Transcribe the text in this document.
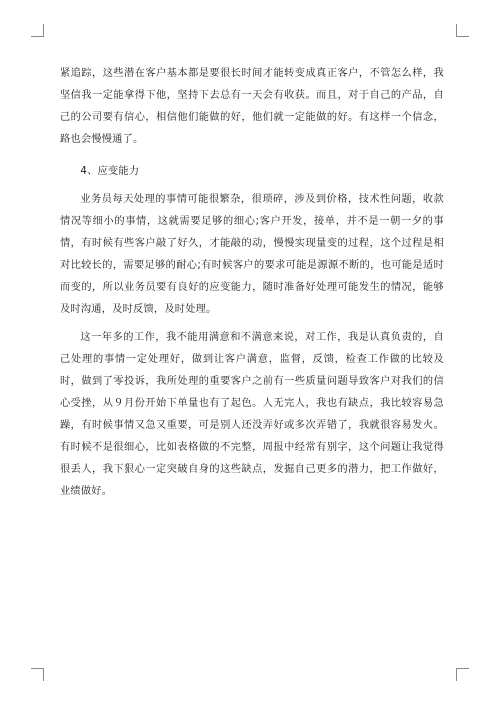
紧追踪，这些潜在客户基本都是要很长时间才能转变成真正客户，不管怎么样，我坚信我一定能拿得下他，坚持下去总有一天会有收获。而且，对于自己的产品，自己的公司要有信心，相信他们能做的好，他们就一定能做的好。有这样一个信念，路也会慢慢通了。

4、应变能力

业务员每天处理的事情可能很繁杂，很琐碎，涉及到价格，技术性问题，收款情况等细小的事情，这就需要足够的细心;客户开发，接单，并不是一朝一夕的事情，有时候有些客户敲了好久，才能敲的动，慢慢实现量变的过程，这个过程是相对比较长的，需要足够的耐心;有时候客户的要求可能是源源不断的，也可能是适时而变的，所以业务员要有良好的应变能力，随时准备好处理可能发生的情况，能够及时沟通，及时反馈，及时处理。

这一年多的工作，我不能用满意和不满意来说，对工作，我是认真负责的，自己处理的事情一定处理好，做到让客户满意，监督，反馈，检查工作做的比较及时，做到了零投诉，我所处理的重要客户之前有一些质量问题导致客户对我们的信心受挫，从９月份开始下单量也有了起色。人无完人，我也有缺点，我比较容易急躁，有时候事情又急又重要，可是别人还没弄好或多次弄错了，我就很容易发火。有时候不是很细心，比如表格做的不完整，周报中经常有别字，这个问题让我觉得很丢人，我下狠心一定突破自身的这些缺点，发掘自己更多的潜力，把工作做好，业绩做好。
